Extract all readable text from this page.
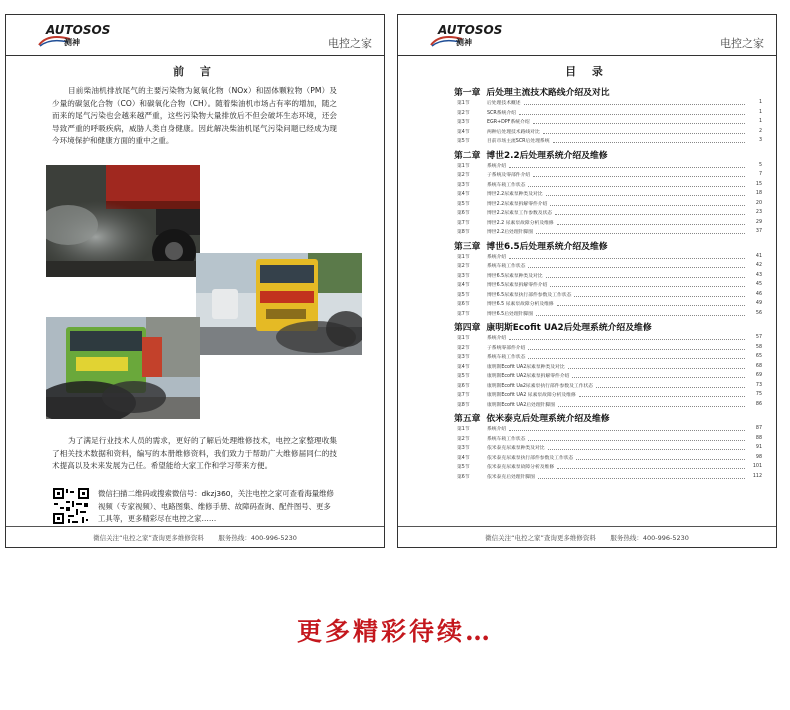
AUTOSOS
测神	电控之家
前 言
目前柴油机排放尾气的主要污染物为氮氧化物（NOx）和固体颗粒物（PM）及少量的碳氢化合物（CO）和碳氧化合物（CH）。随着柴油机市场占有率的增加，随之而来的尾气污染也会越来越严重，这些污染物大量排放后不但会破坏生态环境，还会导致严重的呼吸疾病，威胁人类自身健康。因此解决柴油机尾气污染问题已经成为现今环境保护和健康方面的重中之重。
为了满足行业技术人员的需求，更好的了解后处理维修技术，电控之家整理收集了相关技术数据和资料，编写的本册维修资料，我们致力于帮助广大维修届同仁的技术提高以及未来发展为己任。希望能给大家工作和学习带来方便。
微信扫描二维码或搜索微信号：dkzj360，关注电控之家可查看海量维修视频（专家视频）、电路图集、维修手册、故障码查询、配件图号、更多工具等，更多精彩尽在电控之家……
微信关注“电控之家”查询更多维修资料 服务热线：400-996-5230
AUTOSOS
测神	电控之家
目 录
第一章 后处理主流技术路线介绍及对比
第1节	后处理技术概述	1
第2节	SCR系统介绍	1
第3节	EGR+DPF系统介绍	1
第4节	两种后处理技术路线对比	2
第5节	目前市场主流SCR后处理系统	3
第二章 博世2.2后处理系统介绍及维修
第1节	系统介绍	5
第2节	子系统及零部件介绍	7
第3节	系统车载工作状态	15
第4节	博世2.2尿素泵种类及对比	18
第5节	博世2.2尿素泵拆解零件介绍	20
第6节	博世2.2尿素泵工作参数及状态	23
第7节	博世2.2 尿素泵故障分析及维修	29
第8节	博世2.2后处理针脚图	37
第三章 博世6.5后处理系统介绍及维修
第1节	系统介绍	41
第2节	系统车载工作状态	42
第3节	博世6.5尿素泵种类及对比	43
第4节	博世6.5尿素泵拆解零件介绍	45
第5节	博世6.5尿素泵执行部件参数及工作状态	46
第6节	博世6.5 尿素泵故障分析及维修	49
第7节	博世6.5后处理针脚图	56
第四章 康明斯Ecofit UA2后处理系统介绍及维修
第1节	系统介绍	57
第2节	子系统零部件介绍	58
第3节	系统车载工作状态	65
第4节	康明斯Ecofit UA2尿素泵种类及对比	68
第5节	康明斯Ecofit UA2尿素泵拆解零件介绍	69
第6节	康明斯Ecofit Ua2尿素泵执行部件参数及工作状态	73
第7节	康明斯Ecofit UA2 尿素泵故障分析及维修	75
第8节	康明斯Ecofit UA2后处理针脚图	86
第五章 依米泰克后处理系统介绍及维修
第1节	系统介绍	87
第2节	系统车载工作状态	88
第3节	依米泰克尿素泵种类及对比	91
第4节	依米泰克尿素泵执行部件参数及工作状态	98
第5节	依米泰克尿素泵故障分析及维修	101
第6节	依米泰克后处理针脚图	112
微信关注“电控之家”查询更多维修资料 服务热线：400-996-5230
更多精彩待续…
